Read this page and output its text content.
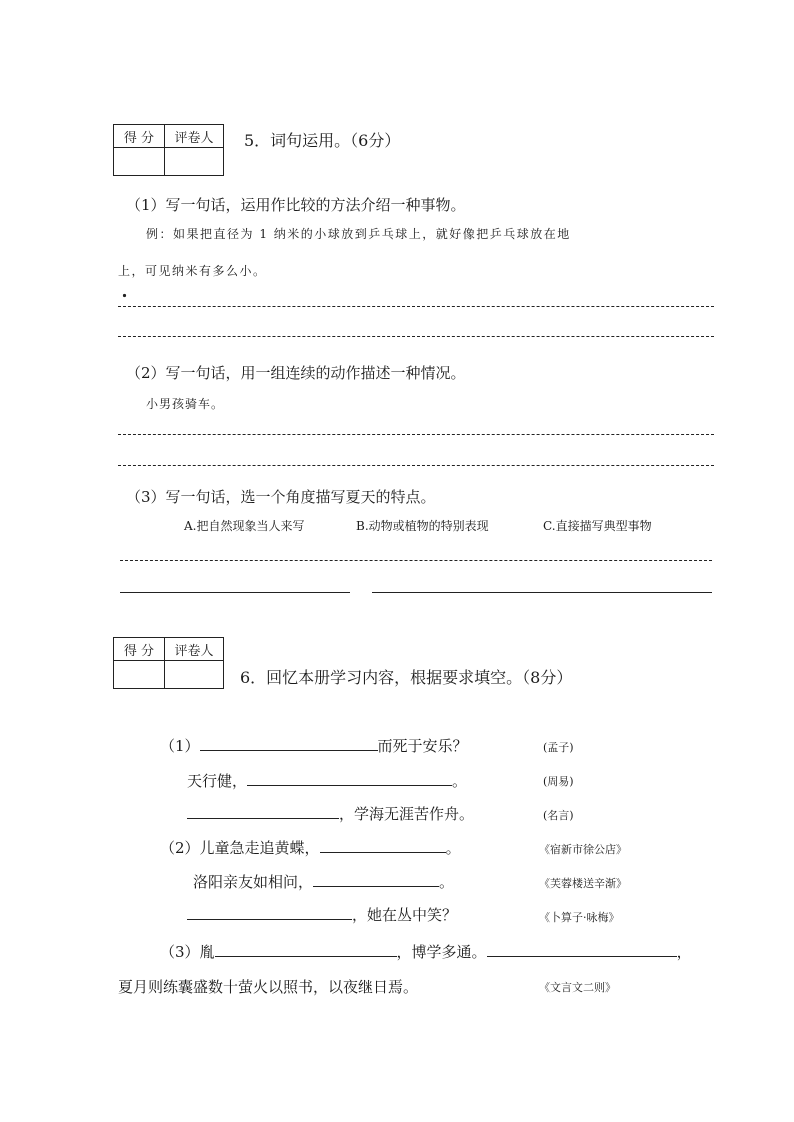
得 分	评卷人
	5．词句运用。（6分）
（1）写一句话，运用作比较的方法介绍一种事物。
例：如果把直径为 1 纳米的小球放到乒乓球上，就好像把乒乓球放在地
上，可见纳米有多么小。
（2）写一句话，用一组连续的动作描述一种情况。
小男孩骑车。
（3）写一句话，选一个角度描写夏天的特点。
A.把自然现象当人来写	B.动物或植物的特别表现	C.直接描写典型事物
得 分	评卷人

6．回忆本册学习内容，根据要求填空。（8分）
（1）	而死于安乐？	(孟子)
天行健，	。	(周易)
，学海无涯苦作舟。	(名言)
（2）儿童急走追黄蝶，	。	《宿新市徐公店》
洛阳亲友如相问，	。	《芙蓉楼送辛渐》
，她在丛中笑？	《卜算子·咏梅》
（3）胤	，博学多通。	，
夏月则练囊盛数十萤火以照书，以夜继日焉。	《文言文二则》
